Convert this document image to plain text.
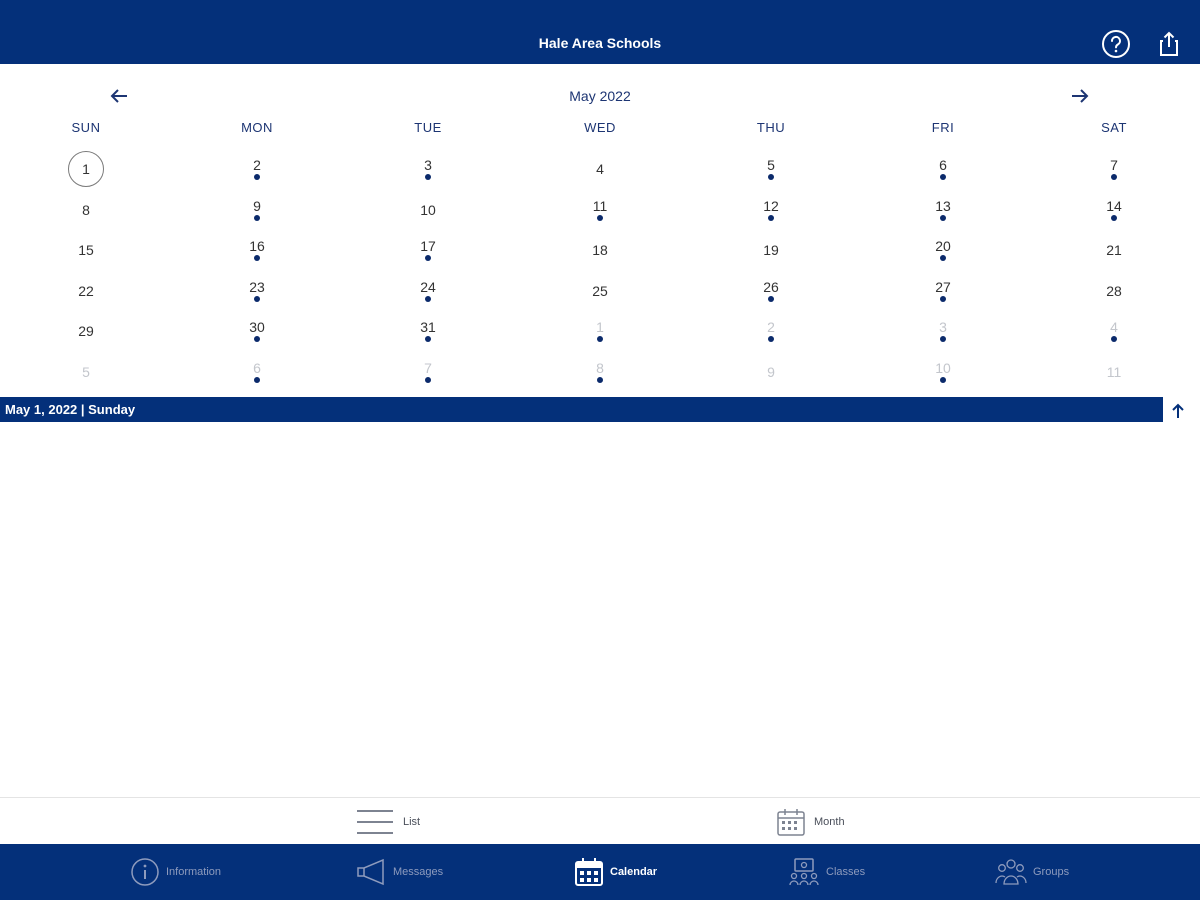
Hale Area Schools
May 2022
SUN	MON	TUE	WED	THU	FRI	SAT
1	2	3	4	5	6	7
8	9	10	11	12	13	14
15	16	17	18	19	20	21
22	23	24	25	26	27	28
29	30	31	1	2	3	4
5	6	7	8	9	10	11
May 1, 2022 | Sunday
List	Month
Information	Messages	Calendar	Classes	Groups
